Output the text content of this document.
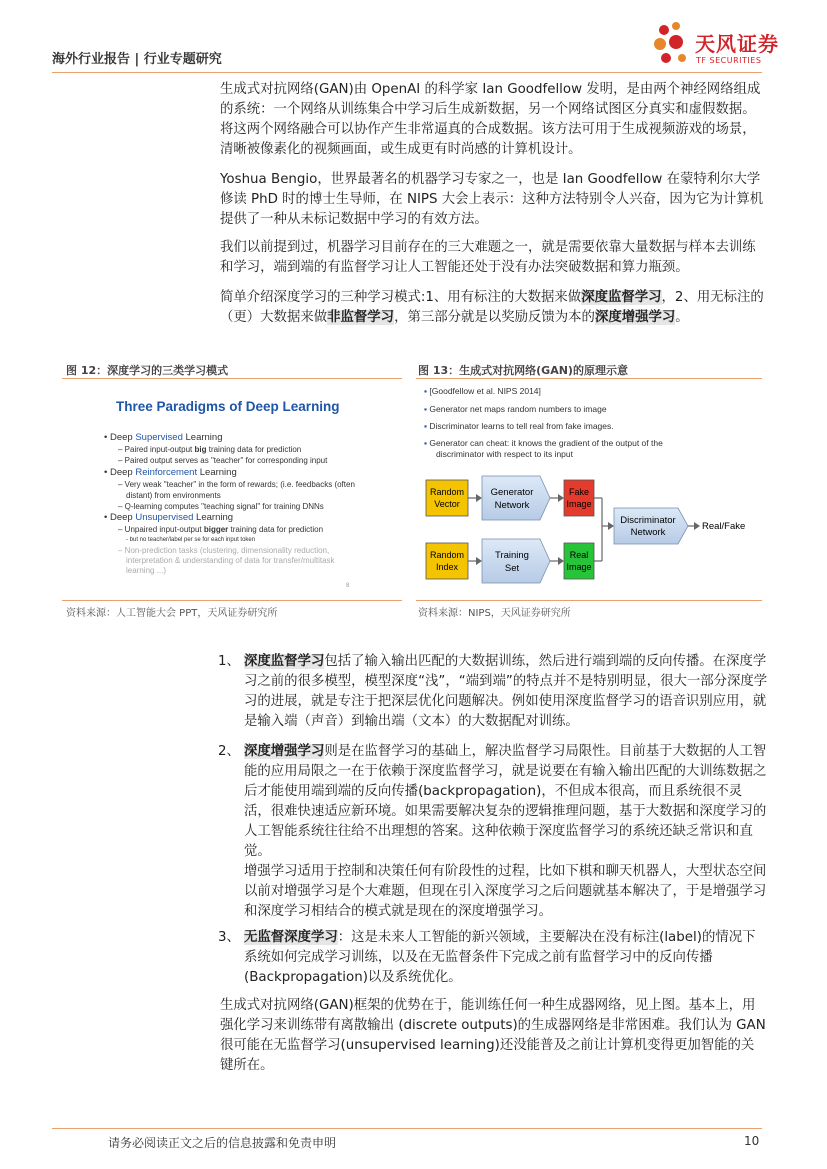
海外行业报告 | 行业专题研究
天风证券
TF SECURITIES

生成式对抗网络(GAN)由 OpenAI 的科学家 Ian Goodfellow 发明，是由两个神经网络组成的系统：一个网络从训练集合中学习后生成新数据，另一个网络试图区分真实和虚假数据。将这两个网络融合可以协作产生非常逼真的合成数据。该方法可用于生成视频游戏的场景，清晰被像素化的视频画面，或生成更有时尚感的计算机设计。

Yoshua Bengio，世界最著名的机器学习专家之一，也是 Ian Goodfellow 在蒙特利尔大学修读 PhD 时的博士生导师，在 NIPS 大会上表示：这种方法特别令人兴奋，因为它为计算机提供了一种从未标记数据中学习的有效方法。

我们以前提到过，机器学习目前存在的三大难题之一，就是需要依靠大量数据与样本去训练和学习，端到端的有监督学习让人工智能还处于没有办法突破数据和算力瓶颈。

简单介绍深度学习的三种学习模式:1、用有标注的大数据来做深度监督学习，2、用无标注的（更）大数据来做非监督学习，第三部分就是以奖励反馈为本的深度增强学习。

图 12：深度学习的三类学习模式
Three Paradigms of Deep Learning
• Deep Supervised Learning
– Paired input-output big training data for prediction
– Paired output serves as "teacher" for corresponding input
• Deep Reinforcement Learning
– Very weak "teacher" in the form of rewards; (i.e. feedbacks (often
distant) from environments
– Q-learning computes "teaching signal" for training DNNs
• Deep Unsupervised Learning
– Unpaired input-output bigger training data for prediction
- but no teacher/label per se for each input token
– Non-prediction tasks (clustering, dimensionality reduction,
interpretation & understanding of data for transfer/multitask
learning ...)
8
资料来源：人工智能大会 PPT，天风证券研究所
图 13：生成式对抗网络(GAN)的原理示意
▪ [Goodfellow et al. NIPS 2014]
▪ Generator net maps random numbers to image
▪ Discriminator learns to tell real from fake images.
▪ Generator can cheat: it knows the gradient of the output of the
discriminator with respect to its input
Random
Vector
Generator
Network
Fake
Image
Discriminator
Network
Real/Fake
Random
Index
Training
Set
Real
Image
资料来源：NIPS，天风证券研究所
1、 深度监督学习包括了输入输出匹配的大数据训练，然后进行端到端的反向传播。在深度学习之前的很多模型，模型深度“浅”，“端到端”的特点并不是特别明显，很大一部分深度学习的进展，就是专注于把深层优化问题解决。例如使用深度监督学习的语音识别应用，就是输入端（声音）到输出端（文本）的大数据配对训练。
2、 深度增强学习则是在监督学习的基础上，解决监督学习局限性。目前基于大数据的人工智能的应用局限之一在于依赖于深度监督学习，就是说要在有输入输出匹配的大训练数据之后才能使用端到端的反向传播(backpropagation)，不但成本很高，而且系统很不灵活，很难快速适应新环境。如果需要解决复杂的逻辑推理问题，基于大数据和深度学习的人工智能系统往往给不出理想的答案。这种依赖于深度监督学习的系统还缺乏常识和直觉。
增强学习适用于控制和决策任何有阶段性的过程，比如下棋和聊天机器人，大型状态空间以前对增强学习是个大难题，但现在引入深度学习之后问题就基本解决了，于是增强学习和深度学习相结合的模式就是现在的深度增强学习。
3、 无监督深度学习：这是未来人工智能的新兴领域，主要解决在没有标注(label)的情况下系统如何完成学习训练，以及在无监督条件下完成之前有监督学习中的反向传播(Backpropagation)以及系统优化。

生成式对抗网络(GAN)框架的优势在于，能训练任何一种生成器网络，见上图。基本上，用强化学习来训练带有离散输出 (discrete outputs)的生成器网络是非常困难。我们认为 GAN 很可能在无监督学习(unsupervised learning)还没能普及之前让计算机变得更加智能的关键所在。

请务必阅读正文之后的信息披露和免责申明	10
